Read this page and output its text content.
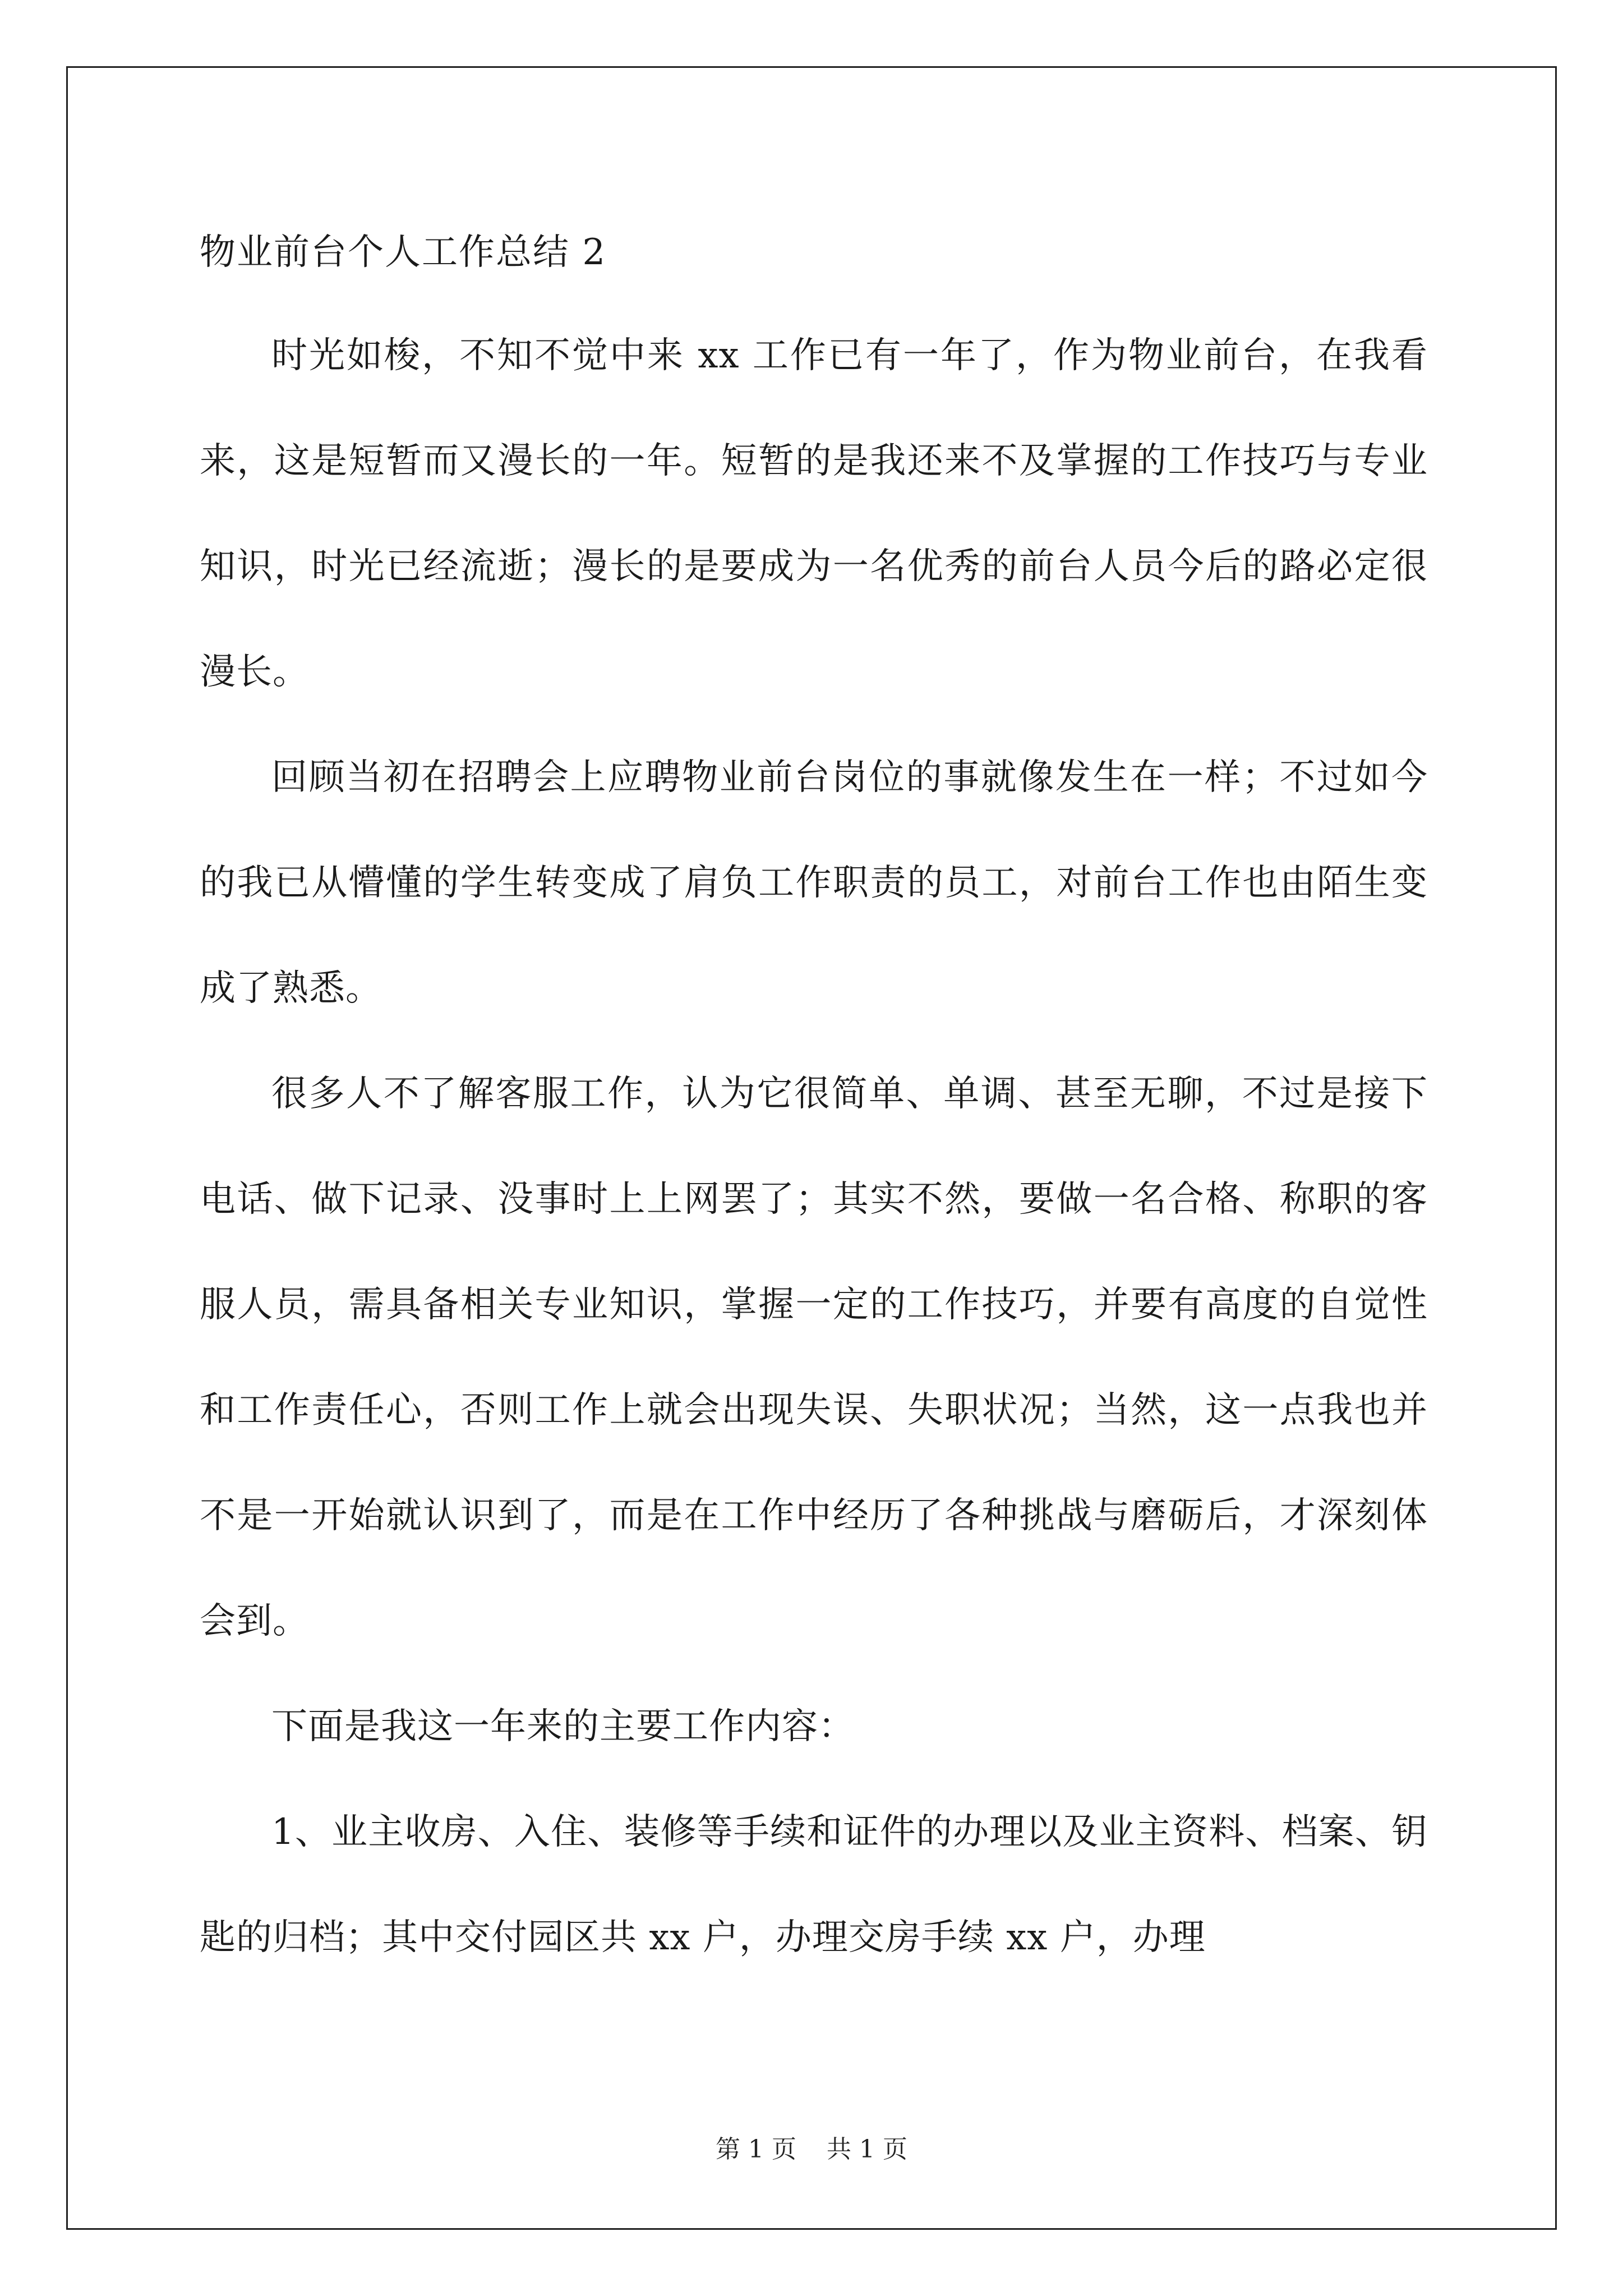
物业前台个人工作总结 2

时光如梭，不知不觉中来 xx 工作已有一年了，作为物业前台，在我看来，这是短暂而又漫长的一年。短暂的是我还来不及掌握的工作技巧与专业知识，时光已经流逝；漫长的是要成为一名优秀的前台人员今后的路必定很漫长。

回顾当初在招聘会上应聘物业前台岗位的事就像发生在一样；不过如今的我已从懵懂的学生转变成了肩负工作职责的员工，对前台工作也由陌生变成了熟悉。

很多人不了解客服工作，认为它很简单、单调、甚至无聊，不过是接下电话、做下记录、没事时上上网罢了；其实不然，要做一名合格、称职的客服人员，需具备相关专业知识，掌握一定的工作技巧，并要有高度的自觉性和工作责任心，否则工作上就会出现失误、失职状况；当然，这一点我也并不是一开始就认识到了，而是在工作中经历了各种挑战与磨砺后，才深刻体会到。

下面是我这一年来的主要工作内容：

1、业主收房、入住、装修等手续和证件的办理以及业主资料、档案、钥匙的归档；其中交付园区共 xx 户，办理交房手续 xx 户，办理

第 1 页 共 1 页
